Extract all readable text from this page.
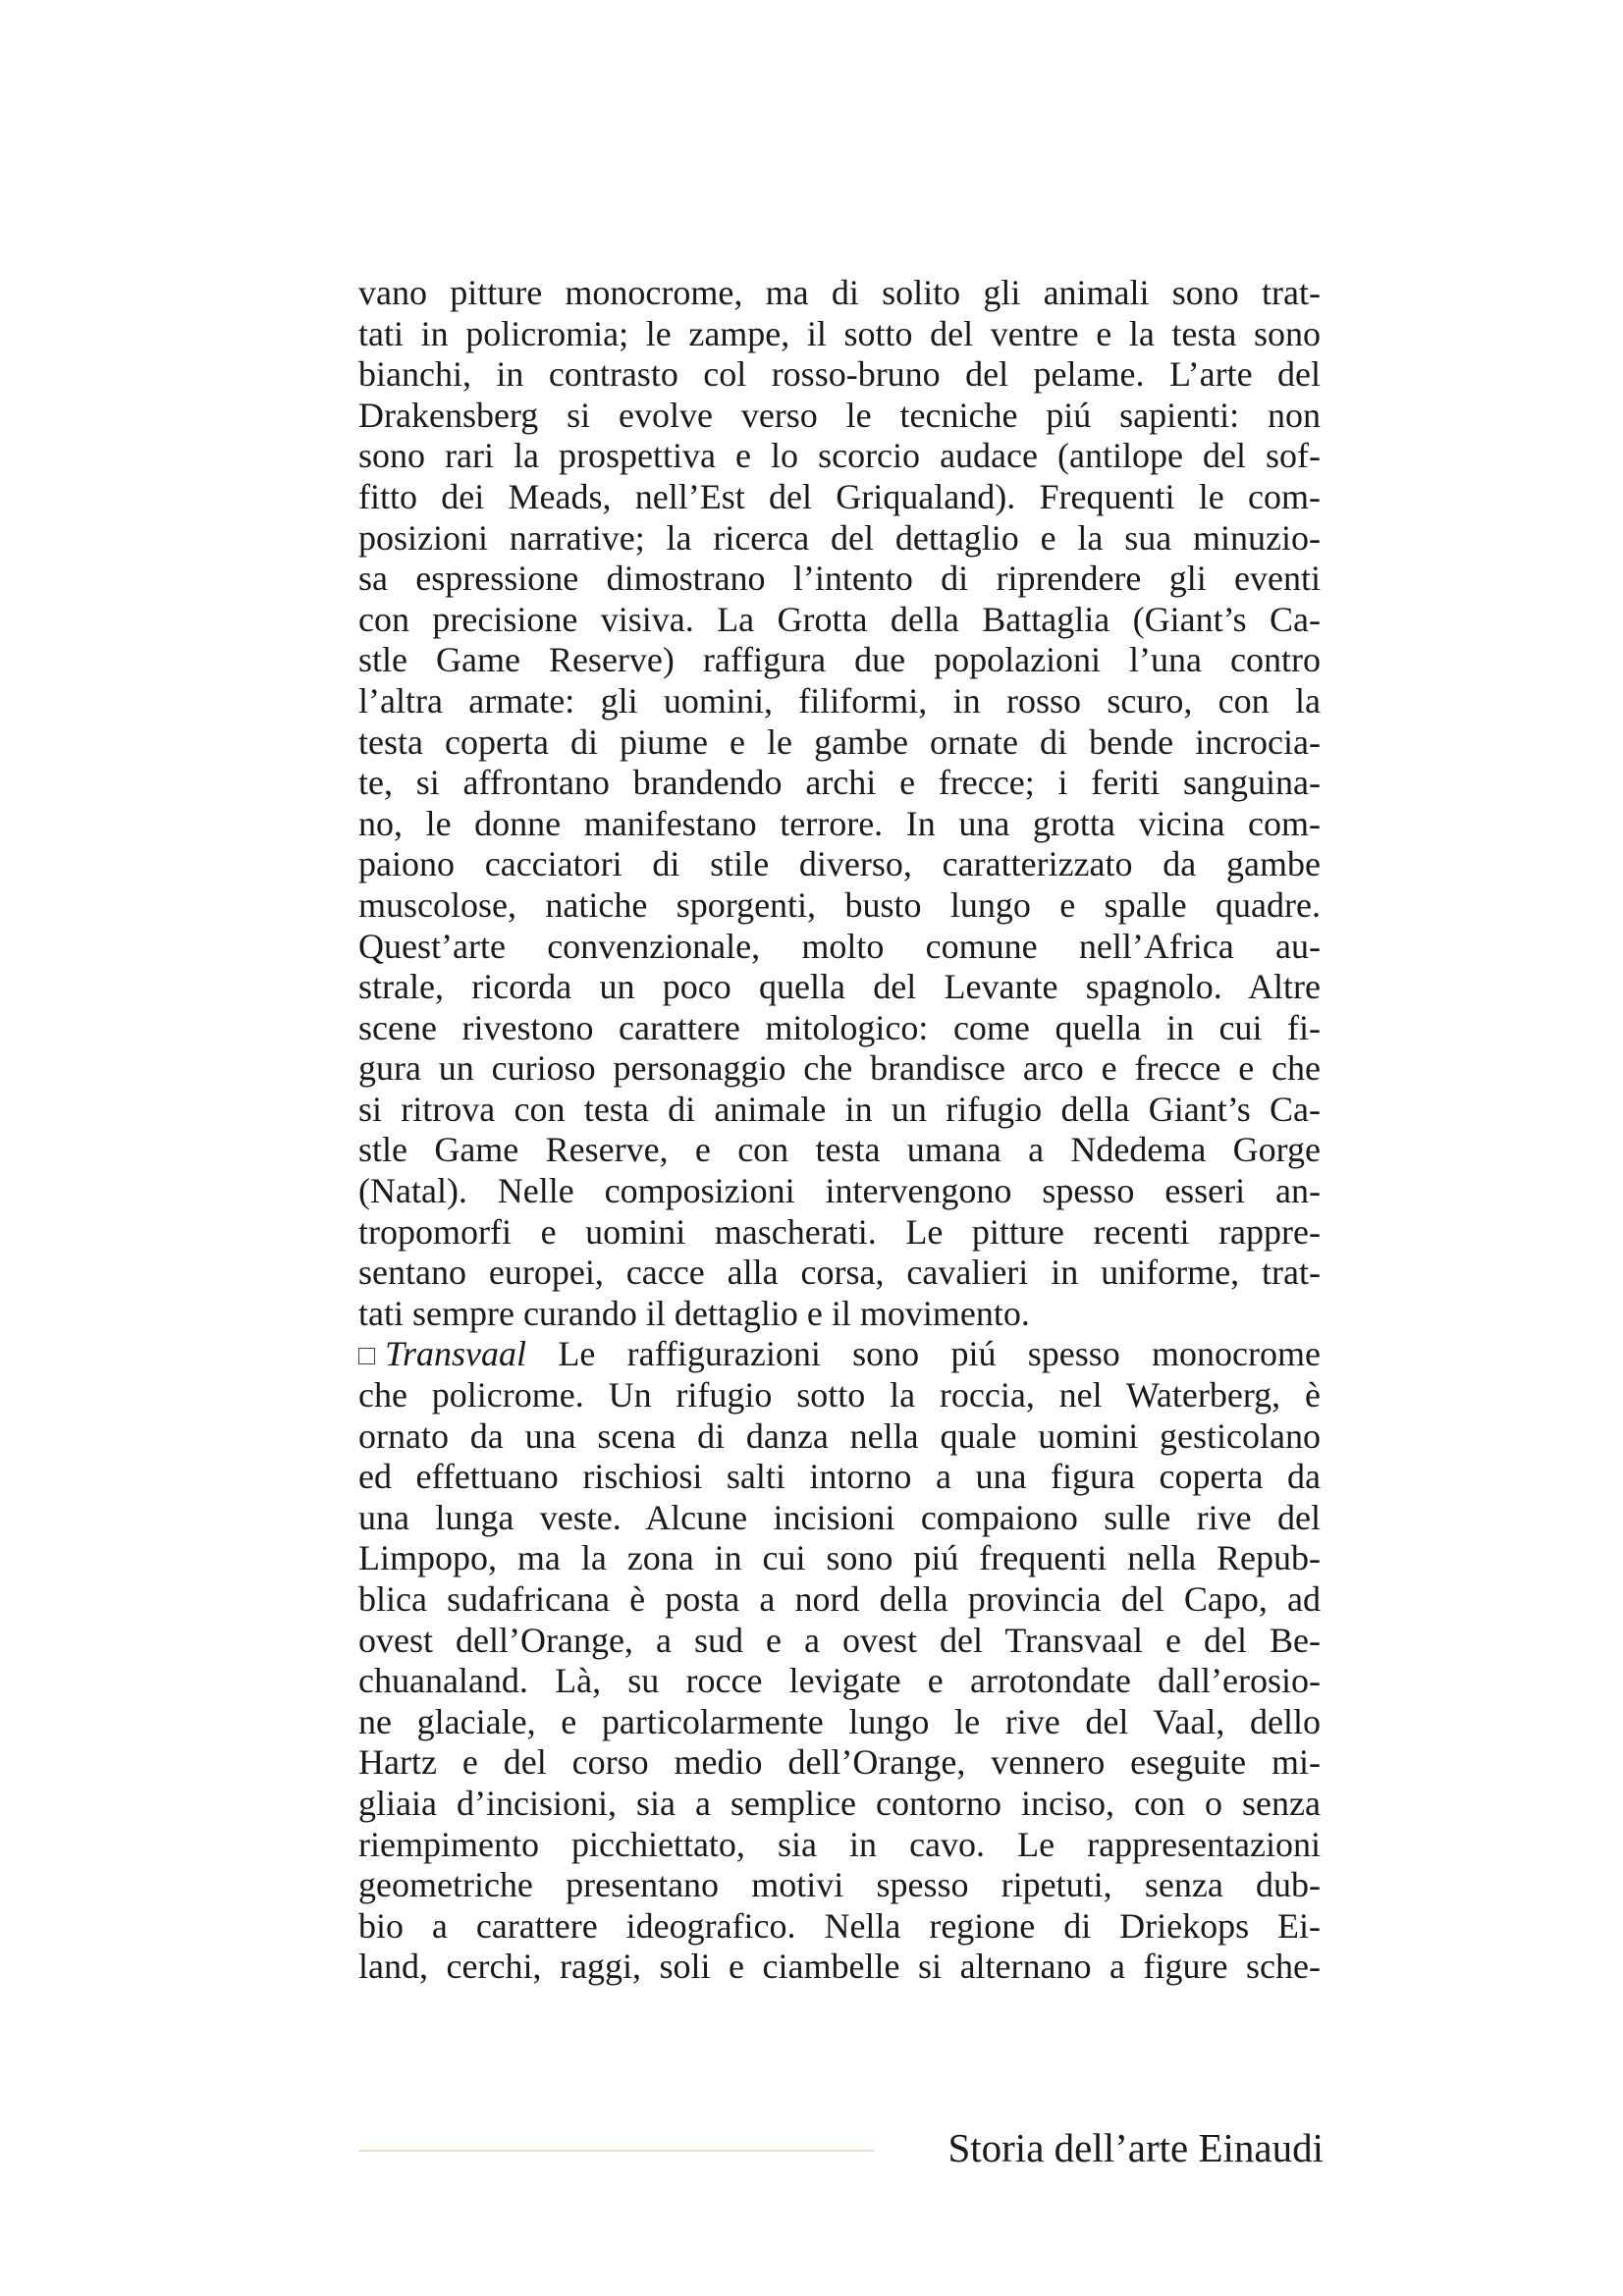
vano pitture monocrome, ma di solito gli animali sono trat-
tati in policromia; le zampe, il sotto del ventre e la testa sono
bianchi, in contrasto col rosso-bruno del pelame. L’arte del
Drakensberg si evolve verso le tecniche piú sapienti: non
sono rari la prospettiva e lo scorcio audace (antilope del sof-
fitto dei Meads, nell’Est del Griqualand). Frequenti le com-
posizioni narrative; la ricerca del dettaglio e la sua minuzio-
sa espressione dimostrano l’intento di riprendere gli eventi
con precisione visiva. La Grotta della Battaglia (Giant’s Ca-
stle Game Reserve) raffigura due popolazioni l’una contro
l’altra armate: gli uomini, filiformi, in rosso scuro, con la
testa coperta di piume e le gambe ornate di bende incrocia-
te, si affrontano brandendo archi e frecce; i feriti sanguina-
no, le donne manifestano terrore. In una grotta vicina com-
paiono cacciatori di stile diverso, caratterizzato da gambe
muscolose, natiche sporgenti, busto lungo e spalle quadre.
Quest’arte convenzionale, molto comune nell’Africa au-
strale, ricorda un poco quella del Levante spagnolo. Altre
scene rivestono carattere mitologico: come quella in cui fi-
gura un curioso personaggio che brandisce arco e frecce e che
si ritrova con testa di animale in un rifugio della Giant’s Ca-
stle Game Reserve, e con testa umana a Ndedema Gorge
(Natal). Nelle composizioni intervengono spesso esseri an-
tropomorfi e uomini mascherati. Le pitture recenti rappre-
sentano europei, cacce alla corsa, cavalieri in uniforme, trat-
tati sempre curando il dettaglio e il movimento.
Transvaal Le raffigurazioni sono piú spesso monocrome
che policrome. Un rifugio sotto la roccia, nel Waterberg, è
ornato da una scena di danza nella quale uomini gesticolano
ed effettuano rischiosi salti intorno a una figura coperta da
una lunga veste. Alcune incisioni compaiono sulle rive del
Limpopo, ma la zona in cui sono piú frequenti nella Repub-
blica sudafricana è posta a nord della provincia del Capo, ad
ovest dell’Orange, a sud e a ovest del Transvaal e del Be-
chuanaland. Là, su rocce levigate e arrotondate dall’erosio-
ne glaciale, e particolarmente lungo le rive del Vaal, dello
Hartz e del corso medio dell’Orange, vennero eseguite mi-
gliaia d’incisioni, sia a semplice contorno inciso, con o senza
riempimento picchiettato, sia in cavo. Le rappresentazioni
geometriche presentano motivi spesso ripetuti, senza dub-
bio a carattere ideografico. Nella regione di Driekops Ei-
land, cerchi, raggi, soli e ciambelle si alternano a figure sche-
Storia dell’arte Einaudi
